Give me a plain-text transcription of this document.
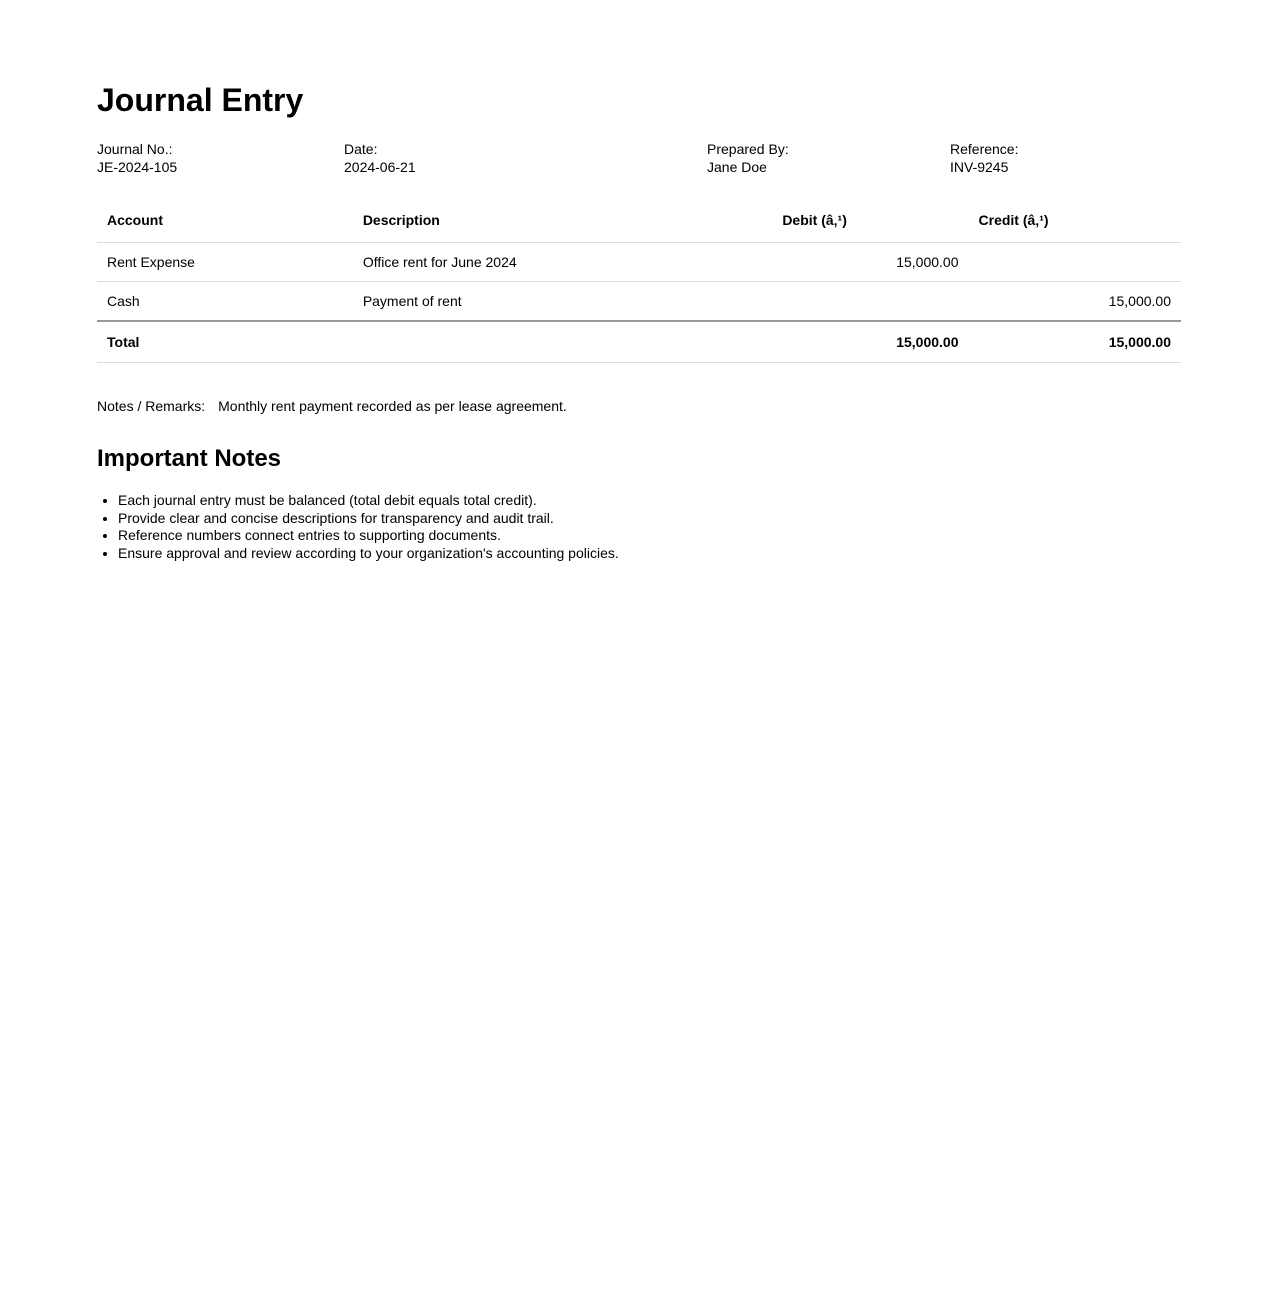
Journal Entry
Journal No.:
JE-2024-105
Date:
2024-06-21
Prepared By:
Jane Doe
Reference:
INV-9245
Account	Description	Debit (â‚¹)	Credit (â‚¹)
Rent Expense	Office rent for June 2024	15,000.00	
Cash	Payment of rent		15,000.00
Total		15,000.00	15,000.00

Notes / Remarks: Monthly rent payment recorded as per lease agreement.

Important Notes
• Each journal entry must be balanced (total debit equals total credit).
• Provide clear and concise descriptions for transparency and audit trail.
• Reference numbers connect entries to supporting documents.
• Ensure approval and review according to your organization's accounting policies.
